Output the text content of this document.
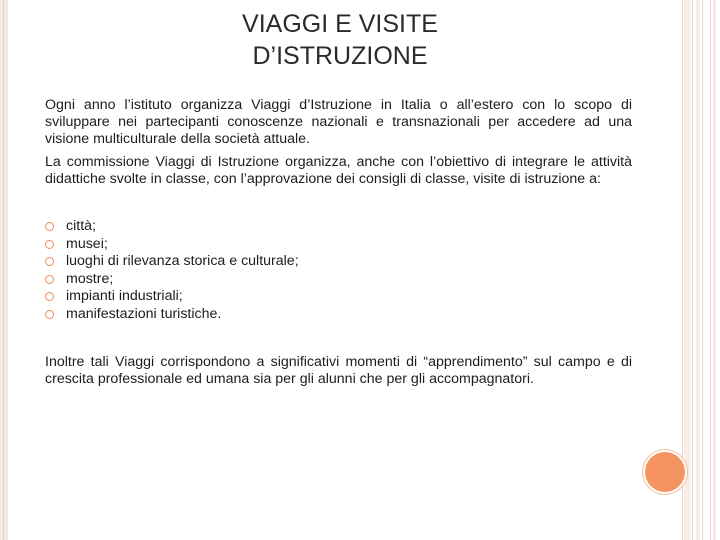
VIAGGI E VISITE
D’ISTRUZIONE

Ogni anno l’istituto organizza Viaggi d’Istruzione in Italia o all’estero con lo scopo di sviluppare nei partecipanti conoscenze nazionali e transnazionali per accedere ad una visione multiculturale della società attuale.

La commissione Viaggi di Istruzione organizza, anche con l’obiettivo di integrare le attività didattiche svolte in classe, con l’approvazione dei consigli di classe, visite di istruzione a:

città;
musei;
luoghi di rilevanza storica e culturale;
mostre;
impianti industriali;
manifestazioni turistiche.

Inoltre tali Viaggi corrispondono a significativi momenti di “apprendimento” sul campo e di crescita professionale ed umana sia per gli alunni che per gli accompagnatori.
